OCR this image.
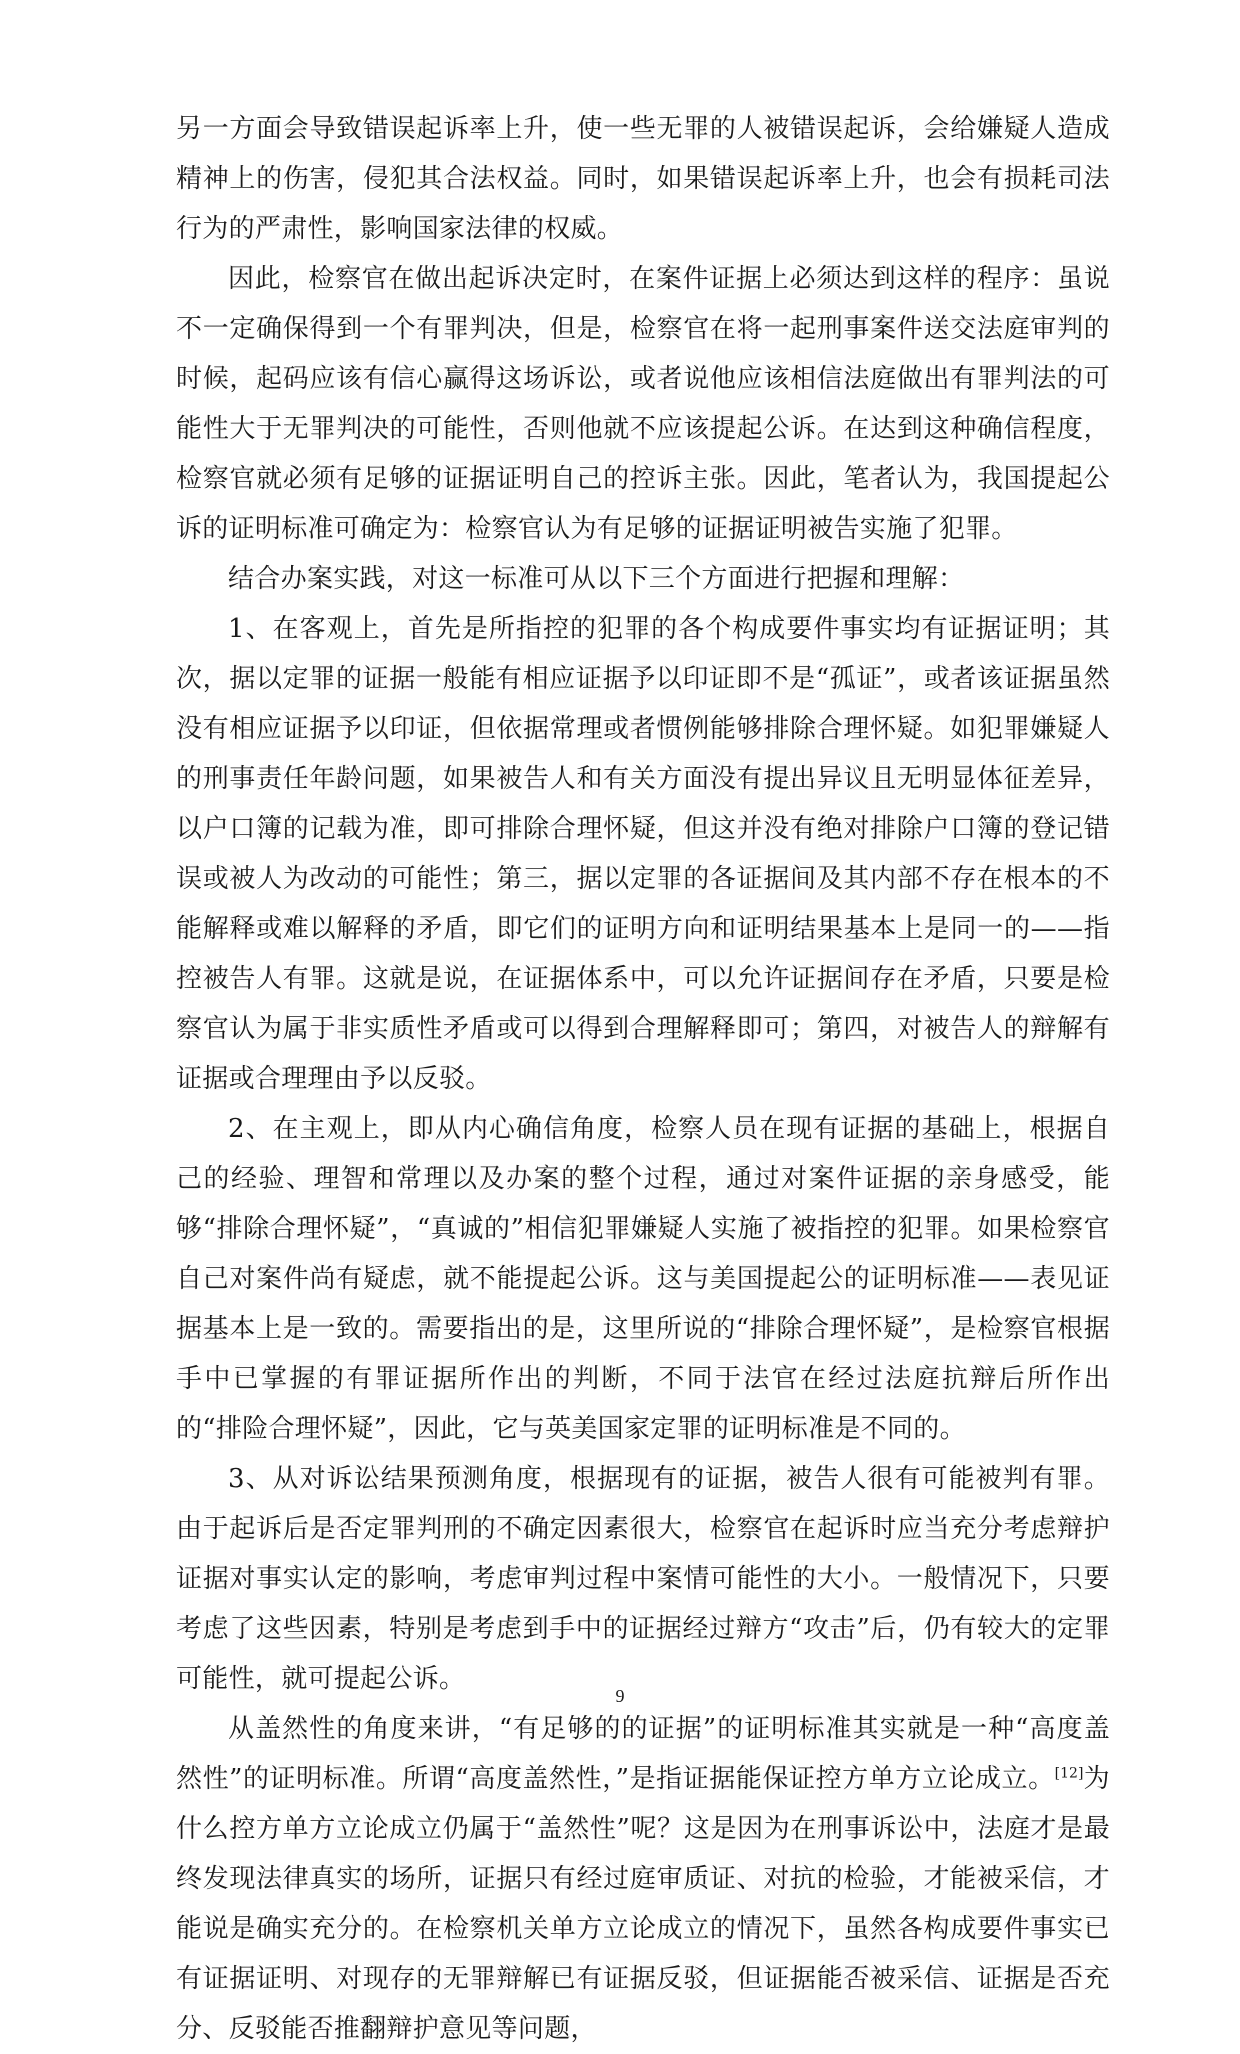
另一方面会导致错误起诉率上升，使一些无罪的人被错误起诉，会给嫌疑人造成精神上的伤害，侵犯其合法权益。同时，如果错误起诉率上升，也会有损耗司法行为的严肃性，影响国家法律的权威。

因此，检察官在做出起诉决定时，在案件证据上必须达到这样的程序：虽说不一定确保得到一个有罪判决，但是，检察官在将一起刑事案件送交法庭审判的时候，起码应该有信心赢得这场诉讼，或者说他应该相信法庭做出有罪判法的可能性大于无罪判决的可能性，否则他就不应该提起公诉。在达到这种确信程度，检察官就必须有足够的证据证明自己的控诉主张。因此，笔者认为，我国提起公诉的证明标准可确定为：检察官认为有足够的证据证明被告实施了犯罪。

结合办案实践，对这一标准可从以下三个方面进行把握和理解：

1、在客观上，首先是所指控的犯罪的各个构成要件事实均有证据证明；其次，据以定罪的证据一般能有相应证据予以印证即不是“孤证”，或者该证据虽然没有相应证据予以印证，但依据常理或者惯例能够排除合理怀疑。如犯罪嫌疑人的刑事责任年龄问题，如果被告人和有关方面没有提出异议且无明显体征差异，以户口簿的记载为准，即可排除合理怀疑，但这并没有绝对排除户口簿的登记错误或被人为改动的可能性；第三，据以定罪的各证据间及其内部不存在根本的不能解释或难以解释的矛盾，即它们的证明方向和证明结果基本上是同一的——指控被告人有罪。这就是说，在证据体系中，可以允许证据间存在矛盾，只要是检察官认为属于非实质性矛盾或可以得到合理解释即可；第四，对被告人的辩解有证据或合理理由予以反驳。

2、在主观上，即从内心确信角度，检察人员在现有证据的基础上，根据自己的经验、理智和常理以及办案的整个过程，通过对案件证据的亲身感受，能够“排除合理怀疑”，“真诚的”相信犯罪嫌疑人实施了被指控的犯罪。如果检察官自己对案件尚有疑虑，就不能提起公诉。这与美国提起公的证明标准——表见证据基本上是一致的。需要指出的是，这里所说的“排除合理怀疑”，是检察官根据手中已掌握的有罪证据所作出的判断，不同于法官在经过法庭抗辩后所作出的“排险合理怀疑”，因此，它与英美国家定罪的证明标准是不同的。

3、从对诉讼结果预测角度，根据现有的证据，被告人很有可能被判有罪。由于起诉后是否定罪判刑的不确定因素很大，检察官在起诉时应当充分考虑辩护证据对事实认定的影响，考虑审判过程中案情可能性的大小。一般情况下，只要考虑了这些因素，特别是考虑到手中的证据经过辩方“攻击”后，仍有较大的定罪可能性，就可提起公诉。

从盖然性的角度来讲，“有足够的的证据”的证明标准其实就是一种“高度盖然性”的证明标准。所谓“高度盖然性，”是指证据能保证控方单方立论成立。[12]为什么控方单方立论成立仍属于“盖然性”呢？这是因为在刑事诉讼中，法庭才是最终发现法律真实的场所，证据只有经过庭审质证、对抗的检验，才能被采信，才能说是确实充分的。在检察机关单方立论成立的情况下，虽然各构成要件事实已有证据证明、对现存的无罪辩解已有证据反驳，但证据能否被采信、证据是否充分、反驳能否推翻辩护意见等问题，

9
